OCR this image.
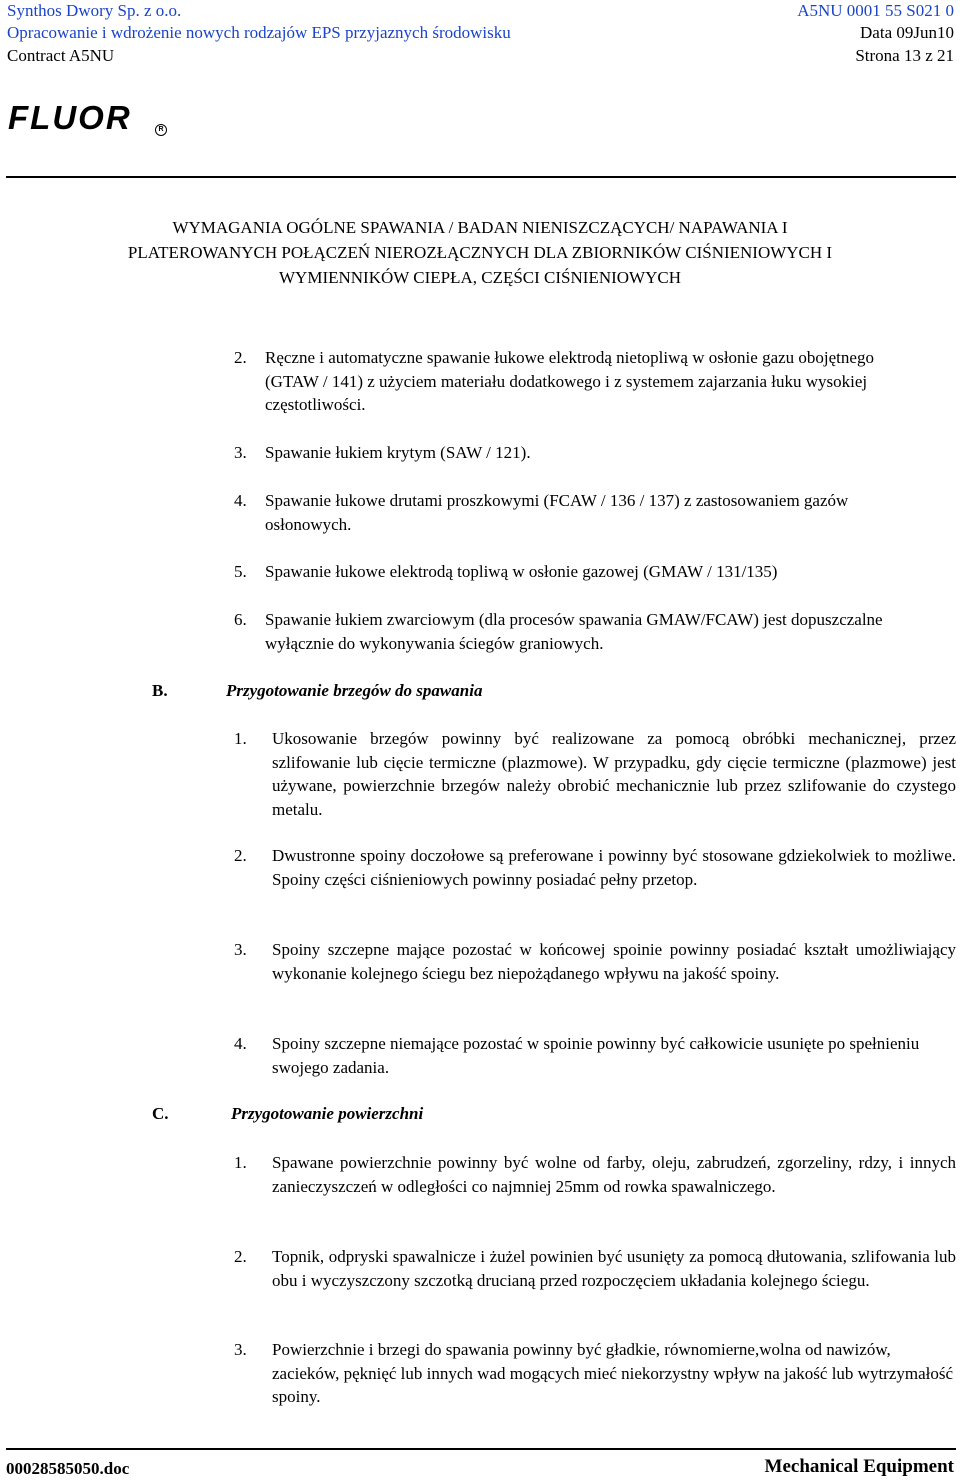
Synthos Dwory Sp. z o.o.
Opracowanie i wdrożenie nowych rodzajów EPS przyjaznych środowisku
Contract A5NU
A5NU 0001 55 S021 0
Data 09Jun10
Strona 13 z 21
FLUOR	R
WYMAGANIA OGÓLNE SPAWANIA / BADAN NIENISZCZĄCYCH/ NAPAWANIA I
PLATEROWANYCH POŁĄCZEŃ NIEROZŁĄCZNYCH DLA ZBIORNIKÓW CIŚNIENIOWYCH I
WYMIENNIKÓW CIEPŁA, CZĘŚCI CIŚNIENIOWYCH
2. Ręczne i automatyczne spawanie łukowe elektrodą nietopliwą w osłonie gazu obojętnego (GTAW / 141) z użyciem materiału dodatkowego i z systemem zajarzania łuku wysokiej częstotliwości.
3. Spawanie łukiem krytym (SAW / 121).
4. Spawanie łukowe drutami proszkowymi (FCAW / 136 / 137) z zastosowaniem gazów osłonowych.
5. Spawanie łukowe elektrodą topliwą w osłonie gazowej (GMAW / 131/135)
6. Spawanie łukiem zwarciowym (dla procesów spawania GMAW/FCAW) jest dopuszczalne wyłącznie do wykonywania ściegów graniowych.
B.	Przygotowanie brzegów do spawania
1. Ukosowanie brzegów powinny być realizowane za pomocą obróbki mechanicznej, przez szlifowanie lub cięcie termiczne (plazmowe). W przypadku, gdy cięcie termiczne (plazmowe) jest używane, powierzchnie brzegów należy obrobić mechanicznie lub przez szlifowanie do czystego metalu.
2. Dwustronne spoiny doczołowe są preferowane i powinny być stosowane gdziekolwiek to możliwe. Spoiny części ciśnieniowych powinny posiadać pełny przetop.
3. Spoiny szczepne mające pozostać w końcowej spoinie powinny posiadać kształt umożliwiający wykonanie kolejnego ściegu bez niepożądanego wpływu na jakość spoiny.
4. Spoiny szczepne niemające pozostać w spoinie powinny być całkowicie usunięte po spełnieniu swojego zadania.
C.	Przygotowanie powierzchni
1. Spawane powierzchnie powinny być wolne od farby, oleju, zabrudzeń, zgorzeliny, rdzy, i innych zanieczyszczeń w odległości co najmniej 25mm od rowka spawalniczego.
2. Topnik, odpryski spawalnicze i żużel powinien być usunięty za pomocą dłutowania, szlifowania lub obu i wyczyszczony szczotką drucianą przed rozpoczęciem układania kolejnego ściegu.
3. Powierzchnie i brzegi do spawania powinny być gładkie, równomierne,wolna od nawizów, zacieków, pęknięć lub innych wad mogących mieć niekorzystny wpływ na jakość lub wytrzymałość spoiny.
00028585050.doc	Mechanical Equipment
